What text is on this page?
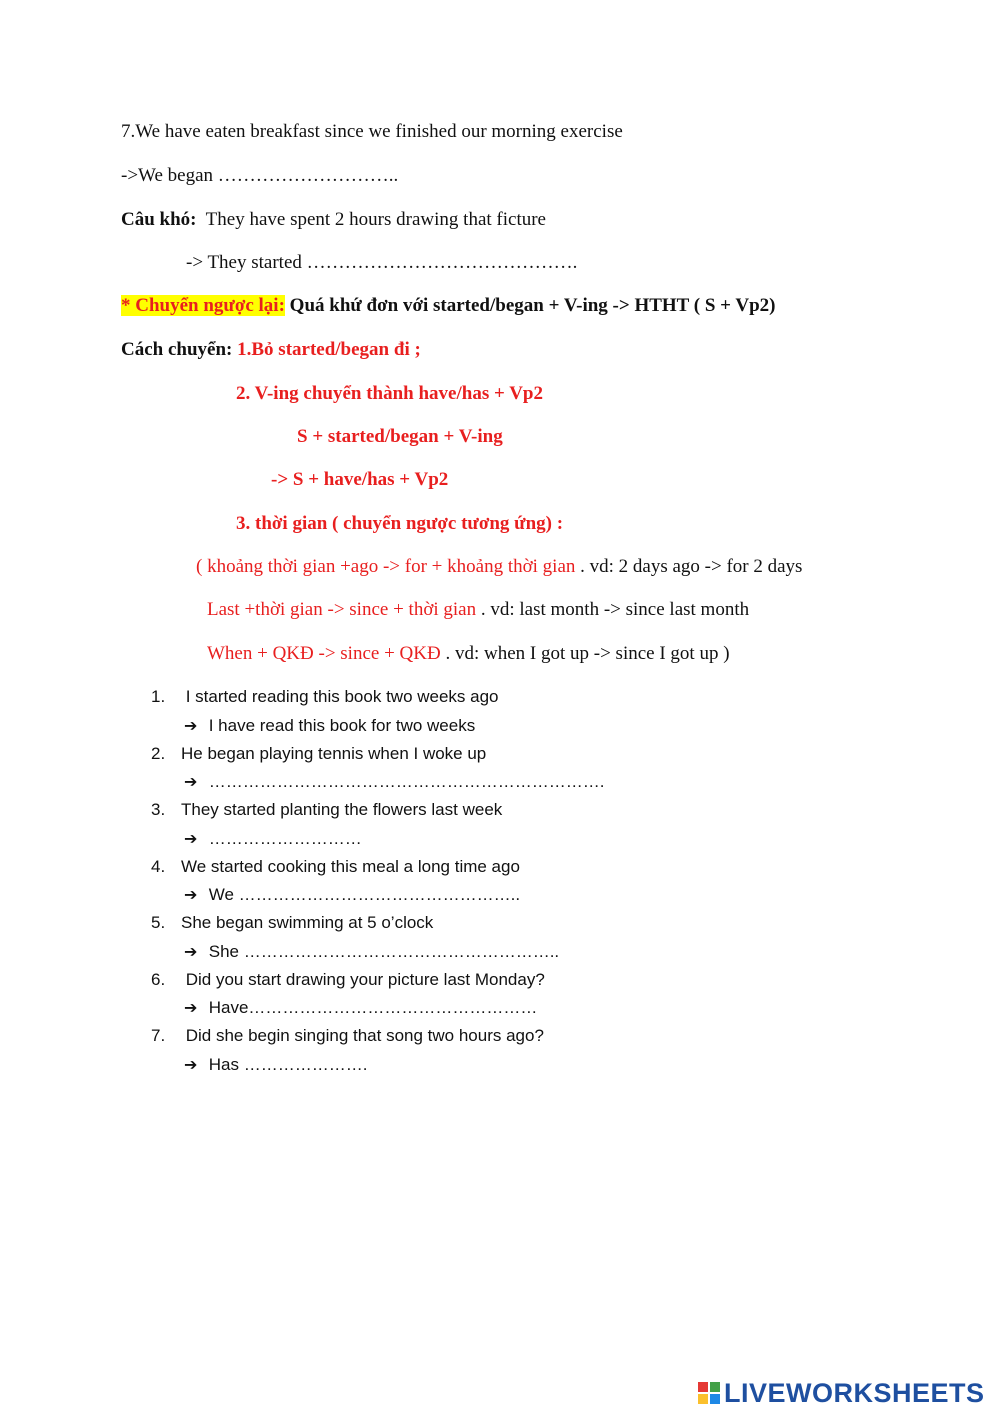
7.We have eaten breakfast since we finished our morning exercise
->We began ………………………..
Câu khó: They have spent 2 hours drawing that ficture
-> They started …………………………………….
* Chuyển ngược lại: Quá khứ đơn với started/began + V-ing -> HTHT ( S + Vp2)
Cách chuyển: 1.Bỏ started/began đi ;
2. V-ing chuyển thành have/has + Vp2
S + started/began + V-ing
-> S + have/has + Vp2
3. thời gian ( chuyển ngược tương ứng) :
( khoảng thời gian +ago -> for + khoảng thời gian . vd: 2 days ago -> for 2 days
Last +thời gian -> since + thời gian . vd: last month -> since last month
When + QKĐ -> since + QKĐ . vd: when I got up -> since I got up )
1. I started reading this book two weeks ago
➔ I have read this book for two weeks
2. He began playing tennis when I woke up
➔ …………………………………………………………….
3. They started planting the flowers last week
➔ ………………………
4. We started cooking this meal a long time ago
➔ We …………………………………………..
5. She began swimming at 5 o’clock
➔ She ………………………………………………..
6. Did you start drawing your picture last Monday?
➔ Have……………………………………………
7. Did she begin singing that song two hours ago?
➔ Has ………………….
LIVEWORKSHEETS
